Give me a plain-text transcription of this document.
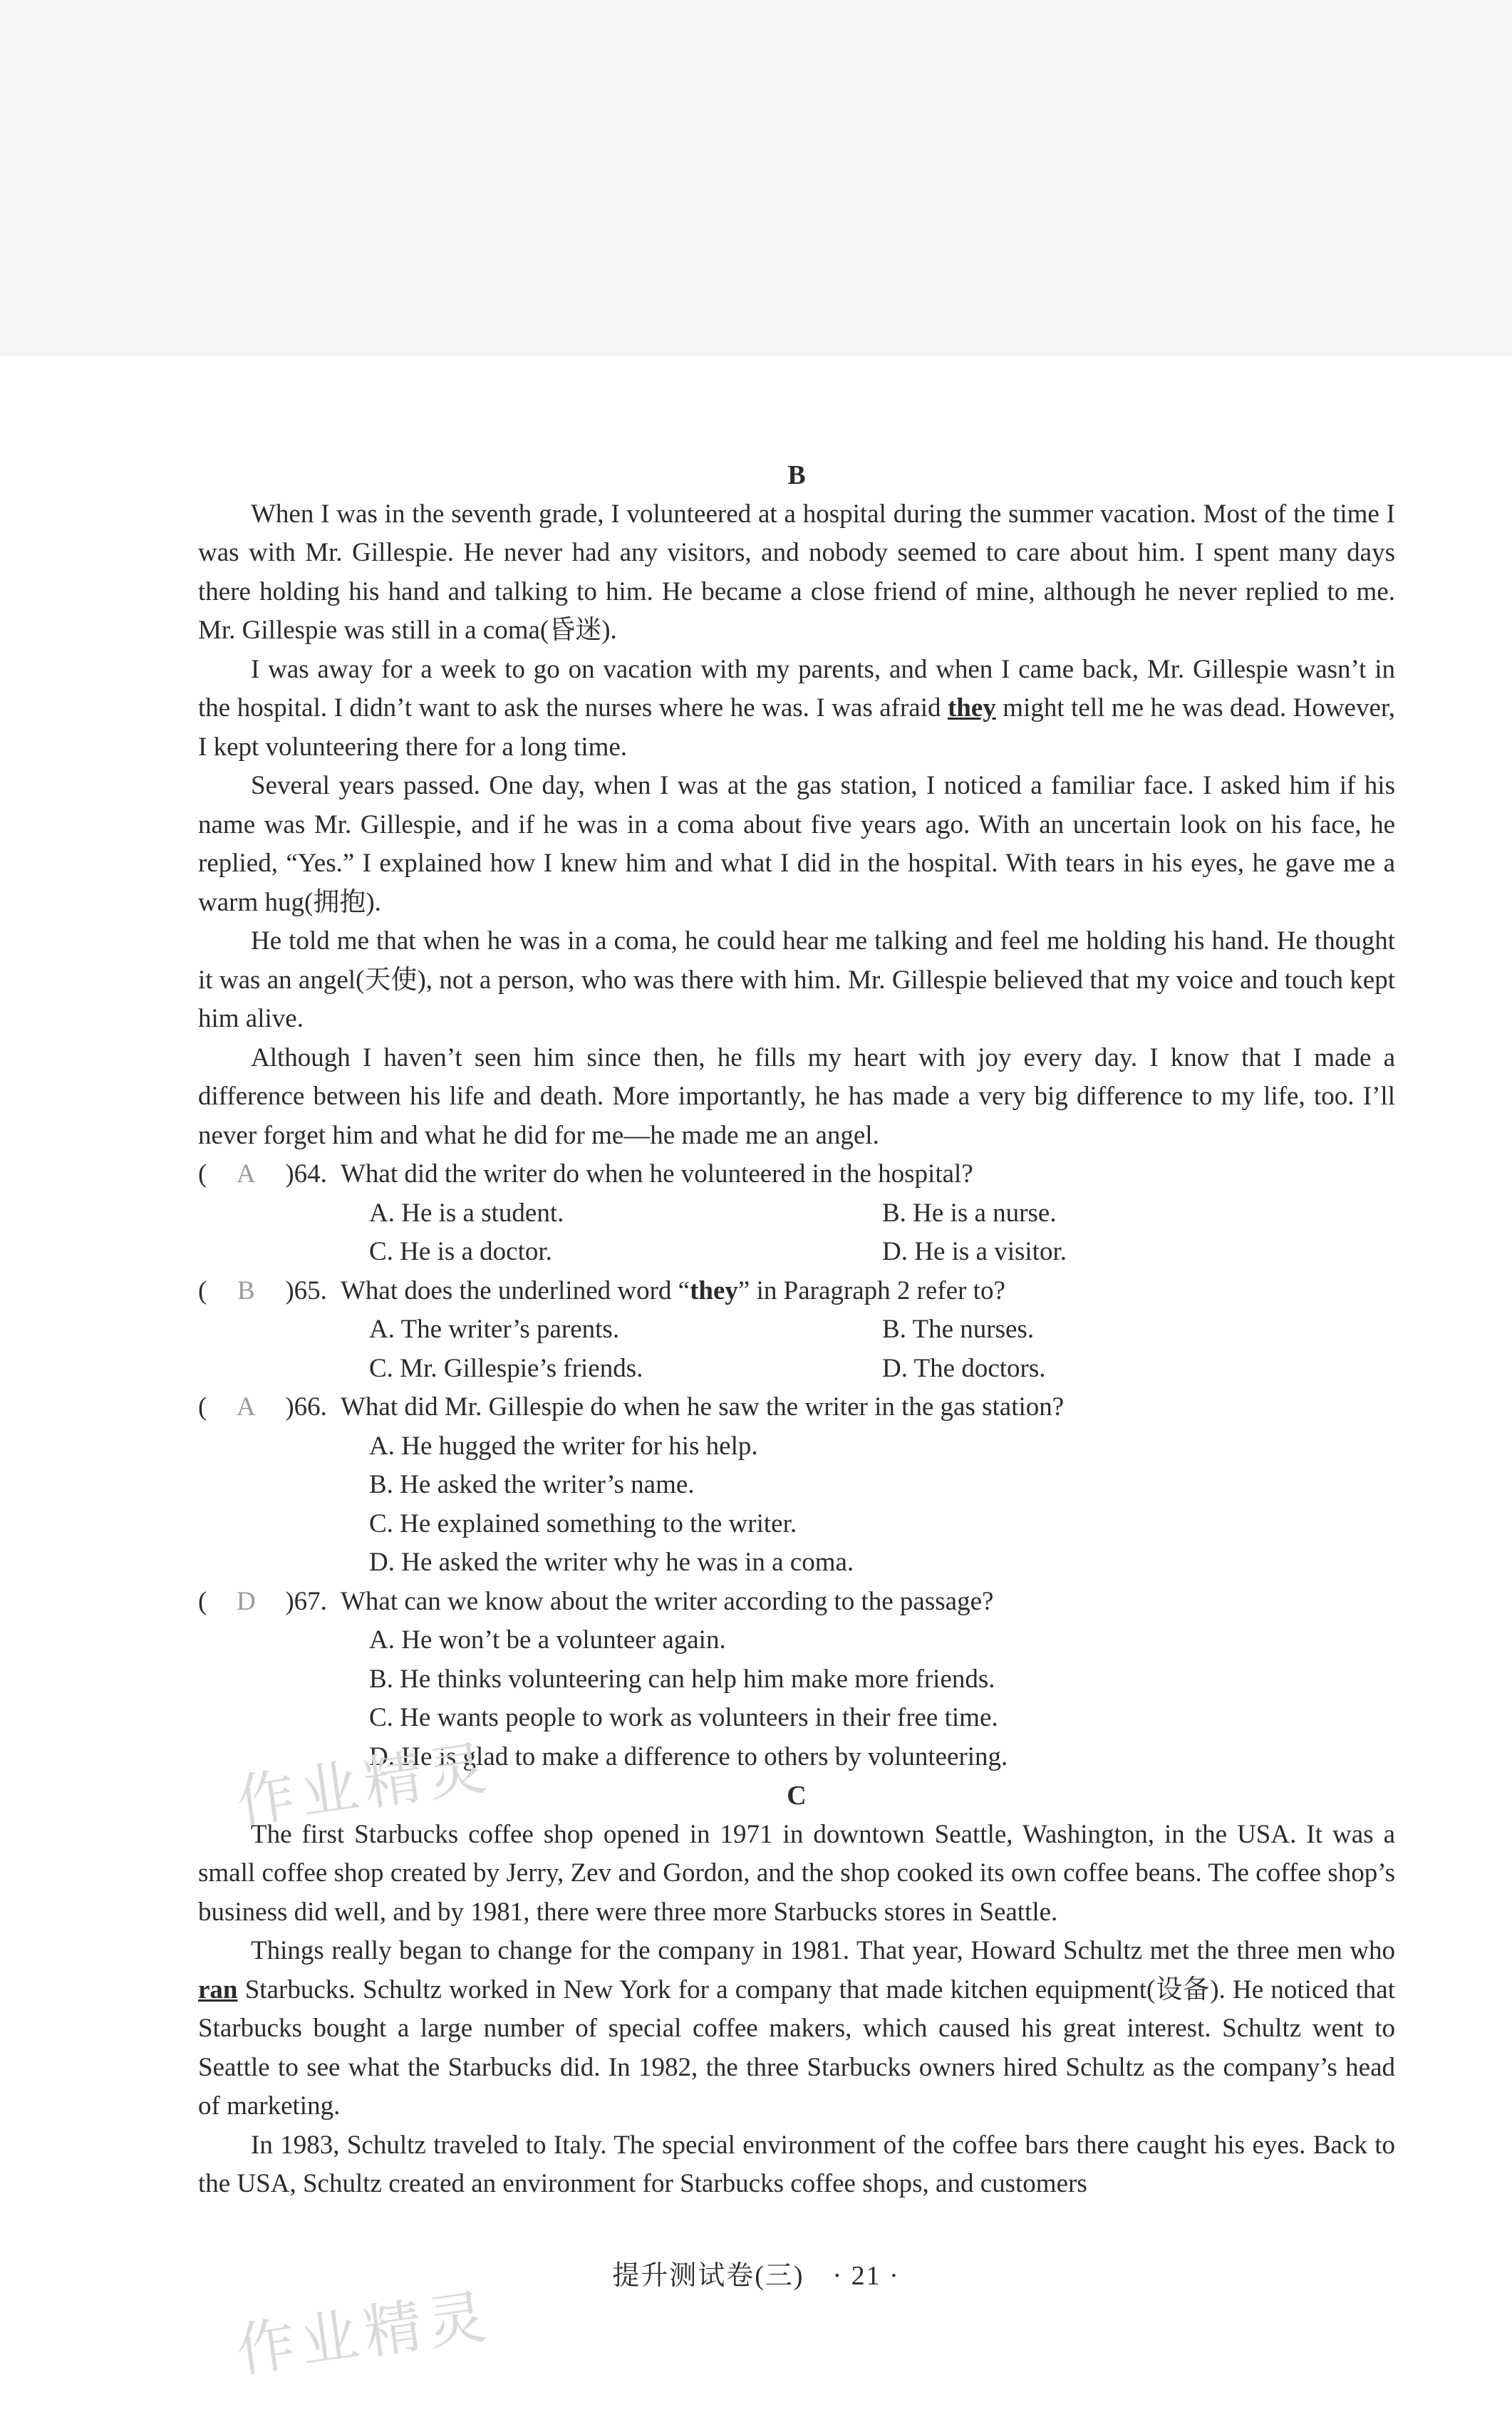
B

When I was in the seventh grade, I volunteered at a hospital during the summer vacation. Most of the time I was with Mr. Gillespie. He never had any visitors, and nobody seemed to care about him. I spent many days there holding his hand and talking to him. He became a close friend of mine, although he never replied to me. Mr. Gillespie was still in a coma(昏迷).

I was away for a week to go on vacation with my parents, and when I came back, Mr. Gillespie wasn’t in the hospital. I didn’t want to ask the nurses where he was. I was afraid they might tell me he was dead. However, I kept volunteering there for a long time.

Several years passed. One day, when I was at the gas station, I noticed a familiar face. I asked him if his name was Mr. Gillespie, and if he was in a coma about five years ago. With an uncertain look on his face, he replied, “Yes.” I explained how I knew him and what I did in the hospital. With tears in his eyes, he gave me a warm hug(拥抱).

He told me that when he was in a coma, he could hear me talking and feel me holding his hand. He thought it was an angel(天使), not a person, who was there with him. Mr. Gillespie believed that my voice and touch kept him alive.

Although I haven’t seen him since then, he fills my heart with joy every day. I know that I made a difference between his life and death. More importantly, he has made a very big difference to my life, too. I’ll never forget him and what he did for me—he made me an angel.

( A )64. What did the writer do when he volunteered in the hospital?
A. He is a student.	B. He is a nurse.
C. He is a doctor.	D. He is a visitor.
( B )65. What does the underlined word “they” in Paragraph 2 refer to?
A. The writer’s parents.	B. The nurses.
C. Mr. Gillespie’s friends.	D. The doctors.
( A )66. What did Mr. Gillespie do when he saw the writer in the gas station?

A. He hugged the writer for his help.

B. He asked the writer’s name.

C. He explained something to the writer.

D. He asked the writer why he was in a coma.

( D )67. What can we know about the writer according to the passage?

A. He won’t be a volunteer again.

B. He thinks volunteering can help him make more friends.

C. He wants people to work as volunteers in their free time.

D. He is glad to make a difference to others by volunteering.

C

The first Starbucks coffee shop opened in 1971 in downtown Seattle, Washington, in the USA. It was a small coffee shop created by Jerry, Zev and Gordon, and the shop cooked its own coffee beans. The coffee shop’s business did well, and by 1981, there were three more Starbucks stores in Seattle.

Things really began to change for the company in 1981. That year, Howard Schultz met the three men who ran Starbucks. Schultz worked in New York for a company that made kitchen equipment(设备). He noticed that Starbucks bought a large number of special coffee makers, which caused his great interest. Schultz went to Seattle to see what the Starbucks did. In 1982, the three Starbucks owners hired Schultz as the company’s head of marketing.

In 1983, Schultz traveled to Italy. The special environment of the coffee bars there caught his eyes. Back to the USA, Schultz created an environment for Starbucks coffee shops, and customers

作业精灵
作业精灵
提升测试卷(三)　· 21 ·
